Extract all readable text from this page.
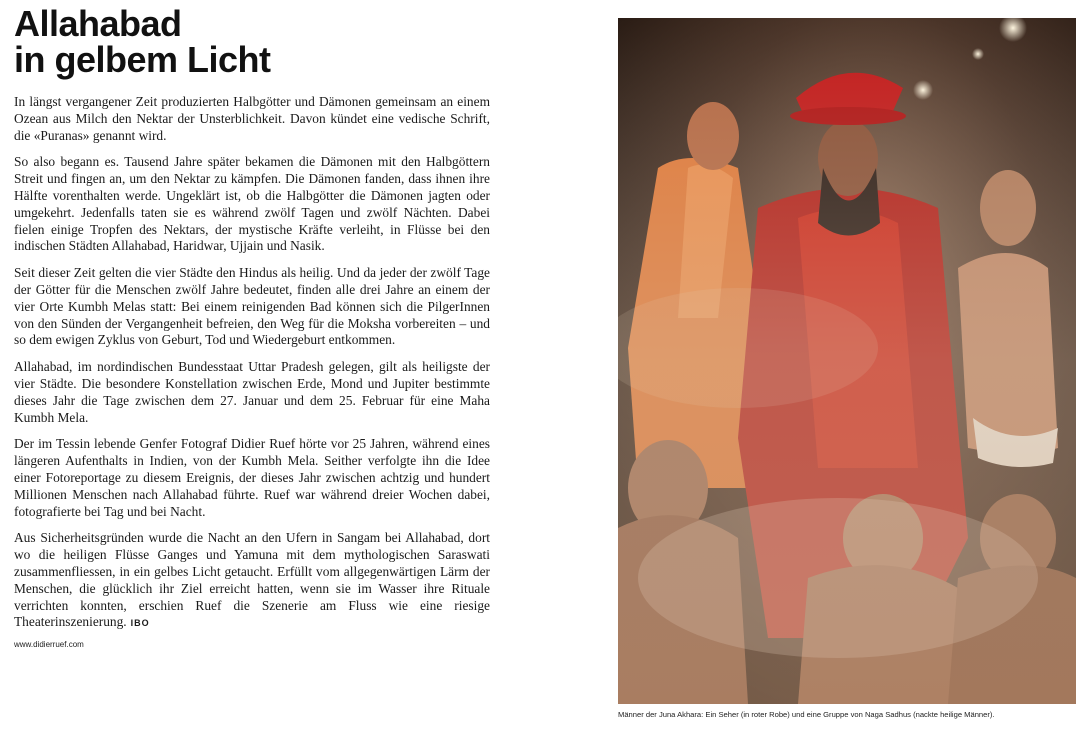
Allahabad
in gelbem Licht

In längst vergangener Zeit produzierten Halbgötter und Dämonen gemeinsam an einem Ozean aus Milch den Nektar der Unsterblichkeit. Davon kündet eine vedische Schrift, die «Puranas» genannt wird.

So also begann es. Tausend Jahre später bekamen die Dämonen mit den Halbgöttern Streit und fingen an, um den Nektar zu kämpfen. Die Dämonen fanden, dass ihnen ihre Hälfte vorenthalten werde. Ungeklärt ist, ob die Halbgötter die Dämonen jagten oder umgekehrt. Jedenfalls taten sie es während zwölf Tagen und zwölf Nächten. Dabei fielen einige Tropfen des Nektars, der mystische Kräfte verleiht, in Flüsse bei den indischen Städten Allahabad, Haridwar, Ujjain und Nasik.

Seit dieser Zeit gelten die vier Städte den Hindus als heilig. Und da jeder der zwölf Tage der Götter für die Menschen zwölf Jahre bedeutet, finden alle drei Jahre an einem der vier Orte Kumbh Melas statt: Bei einem reinigenden Bad können sich die PilgerInnen von den Sünden der Vergangenheit befreien, den Weg für die Moksha vorbereiten – und so dem ewigen Zyklus von Geburt, Tod und Wiedergeburt entkommen.

Allahabad, im nordindischen Bundesstaat Uttar Pradesh gelegen, gilt als heiligste der vier Städte. Die besondere Konstellation zwischen Erde, Mond und Jupiter bestimmte dieses Jahr die Tage zwischen dem 27. Januar und dem 25. Februar für eine Maha Kumbh Mela.

Der im Tessin lebende Genfer Fotograf Didier Ruef hörte vor 25 Jahren, während eines längeren Aufenthalts in Indien, von der Kumbh Mela. Seither verfolgte ihn die Idee einer Fotoreportage zu diesem Ereignis, der dieses Jahr zwischen achtzig und hundert Millionen Menschen nach Allahabad führte. Ruef war während dreier Wochen dabei, fotografierte bei Tag und bei Nacht.

Aus Sicherheitsgründen wurde die Nacht an den Ufern in Sangam bei Allahabad, dort wo die heiligen Flüsse Ganges und Yamuna mit dem mythologischen Saraswati zusammenfliessen, in ein gelbes Licht getaucht. Erfüllt vom allgegenwärtigen Lärm der Menschen, die glücklich ihr Ziel erreicht hatten, wenn sie im Wasser ihre Rituale verrichten konnten, erschien Ruef die Szenerie am Fluss wie eine riesige Theaterinszenierung. IBO

www.didierruef.com
Männer der Juna Akhara: Ein Seher (in roter Robe) und eine Gruppe von Naga Sadhus (nackte heilige Männer).
